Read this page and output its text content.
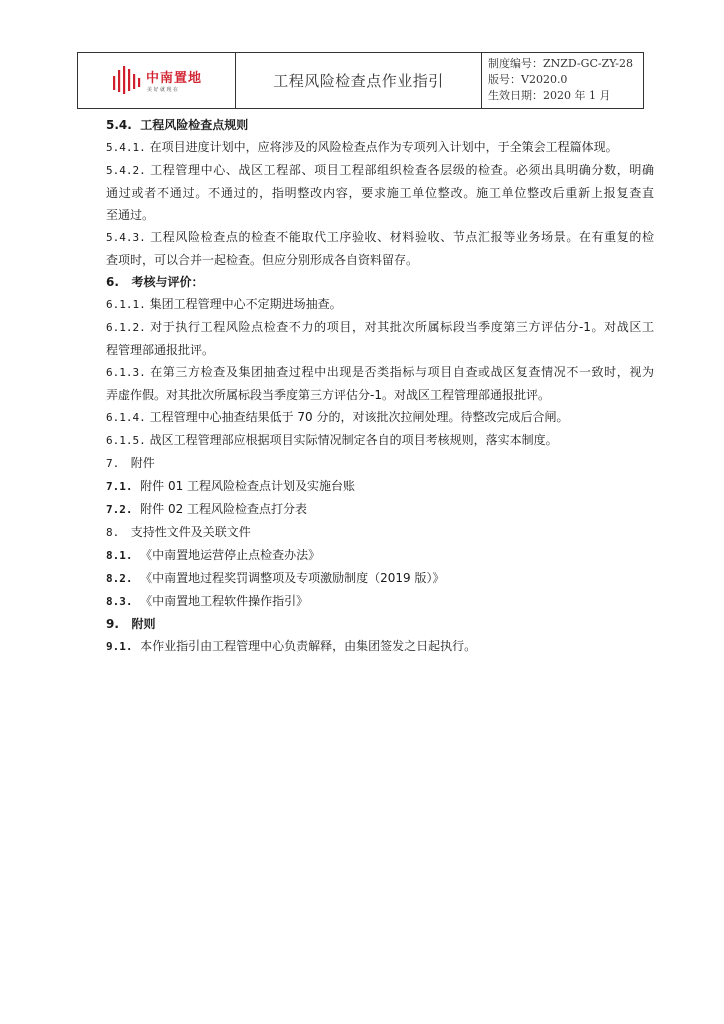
中南置地
美好就现在	工程风险检查点作业指引
制度编号：ZNZD-GC-ZY-28
版号：V2020.0
生效日期：2020 年 1 月
5.4. 工程风险检查点规则
5.4.1. 在项目进度计划中，应将涉及的风险检查点作为专项列入计划中，于全策会工程篇体现。
5.4.2. 工程管理中心、战区工程部、项目工程部组织检查各层级的检查。必须出具明确分数，明确
通过或者不通过。不通过的，指明整改内容，要求施工单位整改。施工单位整改后重新上报复查直
至通过。
5.4.3. 工程风险检查点的检查不能取代工序验收、材料验收、节点汇报等业务场景。在有重复的检
查项时，可以合并一起检查。但应分别形成各自资料留存。
6. 考核与评价：
6.1.1. 集团工程管理中心不定期进场抽查。
6.1.2. 对于执行工程风险点检查不力的项目，对其批次所属标段当季度第三方评估分-1。对战区工
程管理部通报批评。
6.1.3. 在第三方检查及集团抽查过程中出现是否类指标与项目自查或战区复查情况不一致时，视为
弄虚作假。对其批次所属标段当季度第三方评估分-1。对战区工程管理部通报批评。
6.1.4. 工程管理中心抽查结果低于 70 分的，对该批次拉闸处理。待整改完成后合闸。
6.1.5. 战区工程管理部应根据项目实际情况制定各自的项目考核规则，落实本制度。
7. 附件
7.1. 附件 01 工程风险检查点计划及实施台账
7.2. 附件 02 工程风险检查点打分表
8. 支持性文件及关联文件
8.1. 《中南置地运营停止点检查办法》
8.2. 《中南置地过程奖罚调整项及专项激励制度（2019 版）》
8.3. 《中南置地工程软件操作指引》
9. 附则
9.1. 本作业指引由工程管理中心负责解释，由集团签发之日起执行。
